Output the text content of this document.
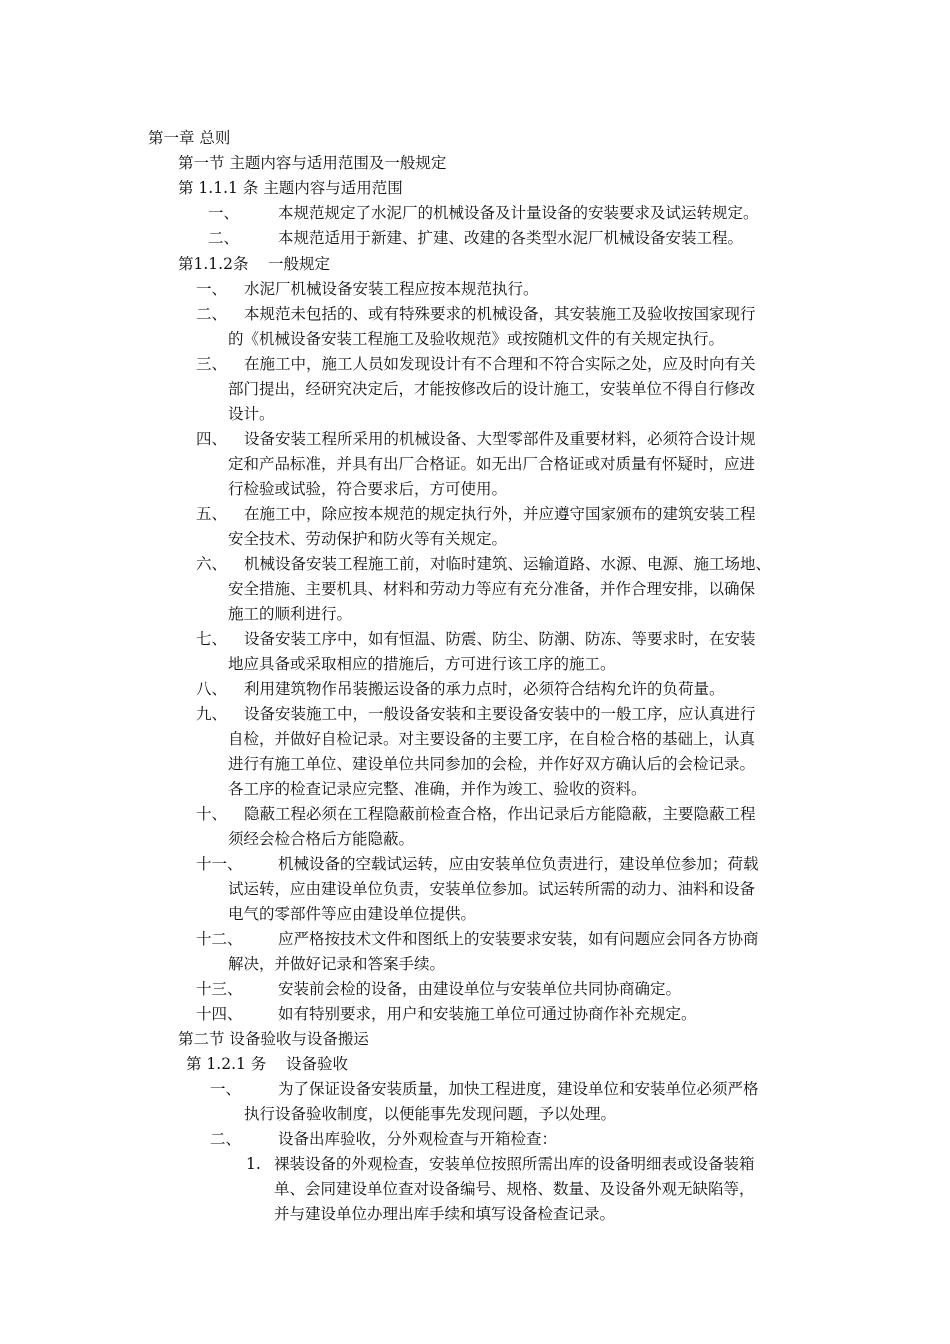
第一章 总则
第一节 主题内容与适用范围及一般规定
第 1.1.1 条 主题内容与适用范围
一、	本规范规定了水泥厂的机械设备及计量设备的安装要求及试运转规定。
二、	本规范适用于新建、扩建、改建的各类型水泥厂机械设备安装工程。
第1.1.2条 一般规定
一、 水泥厂机械设备安装工程应按本规范执行。
二、 本规范未包括的、或有特殊要求的机械设备，其安装施工及验收按国家现行
的《机械设备安装工程施工及验收规范》或按随机文件的有关规定执行。
三、 在施工中，施工人员如发现设计有不合理和不符合实际之处，应及时向有关
部门提出，经研究决定后，才能按修改后的设计施工，安装单位不得自行修改
设计。
四、 设备安装工程所采用的机械设备、大型零部件及重要材料，必须符合设计规
定和产品标准，并具有出厂合格证。如无出厂合格证或对质量有怀疑时，应进
行检验或试验，符合要求后，方可使用。
五、 在施工中，除应按本规范的规定执行外，并应遵守国家颁布的建筑安装工程
安全技术、劳动保护和防火等有关规定。
六、 机械设备安装工程施工前，对临时建筑、运输道路、水源、电源、施工场地、
安全措施、主要机具、材料和劳动力等应有充分准备，并作合理安排，以确保
施工的顺利进行。
七、 设备安装工序中，如有恒温、防震、防尘、防潮、防冻、等要求时，在安装
地应具备或采取相应的措施后，方可进行该工序的施工。
八、 利用建筑物作吊装搬运设备的承力点时，必须符合结构允许的负荷量。
九、 设备安装施工中，一般设备安装和主要设备安装中的一般工序，应认真进行
自检，并做好自检记录。对主要设备的主要工序，在自检合格的基础上，认真
进行有施工单位、建设单位共同参加的会检，并作好双方确认后的会检记录。
各工序的检查记录应完整、准确，并作为竣工、验收的资料。
十、 隐蔽工程必须在工程隐蔽前检查合格，作出记录后方能隐蔽，主要隐蔽工程
须经会检合格后方能隐蔽。
十一、 机械设备的空载试运转，应由安装单位负责进行，建设单位参加；荷载
试运转，应由建设单位负责，安装单位参加。试运转所需的动力、油料和设备
电气的零部件等应由建设单位提供。
十二、 应严格按技术文件和图纸上的安装要求安装，如有问题应会同各方协商
解决，并做好记录和答案手续。
十三、 安装前会检的设备，由建设单位与安装单位共同协商确定。
十四、 如有特别要求，用户和安装施工单位可通过协商作补充规定。
第二节 设备验收与设备搬运
第 1.2.1 务 设备验收
一、 为了保证设备安装质量，加快工程进度，建设单位和安装单位必须严格
执行设备验收制度，以便能事先发现问题，予以处理。
二、 设备出库验收，分外观检查与开箱检查：
1. 裸装设备的外观检查，安装单位按照所需出库的设备明细表或设备装箱
单、会同建设单位查对设备编号、规格、数量、及设备外观无缺陷等，
并与建设单位办理出库手续和填写设备检查记录。
